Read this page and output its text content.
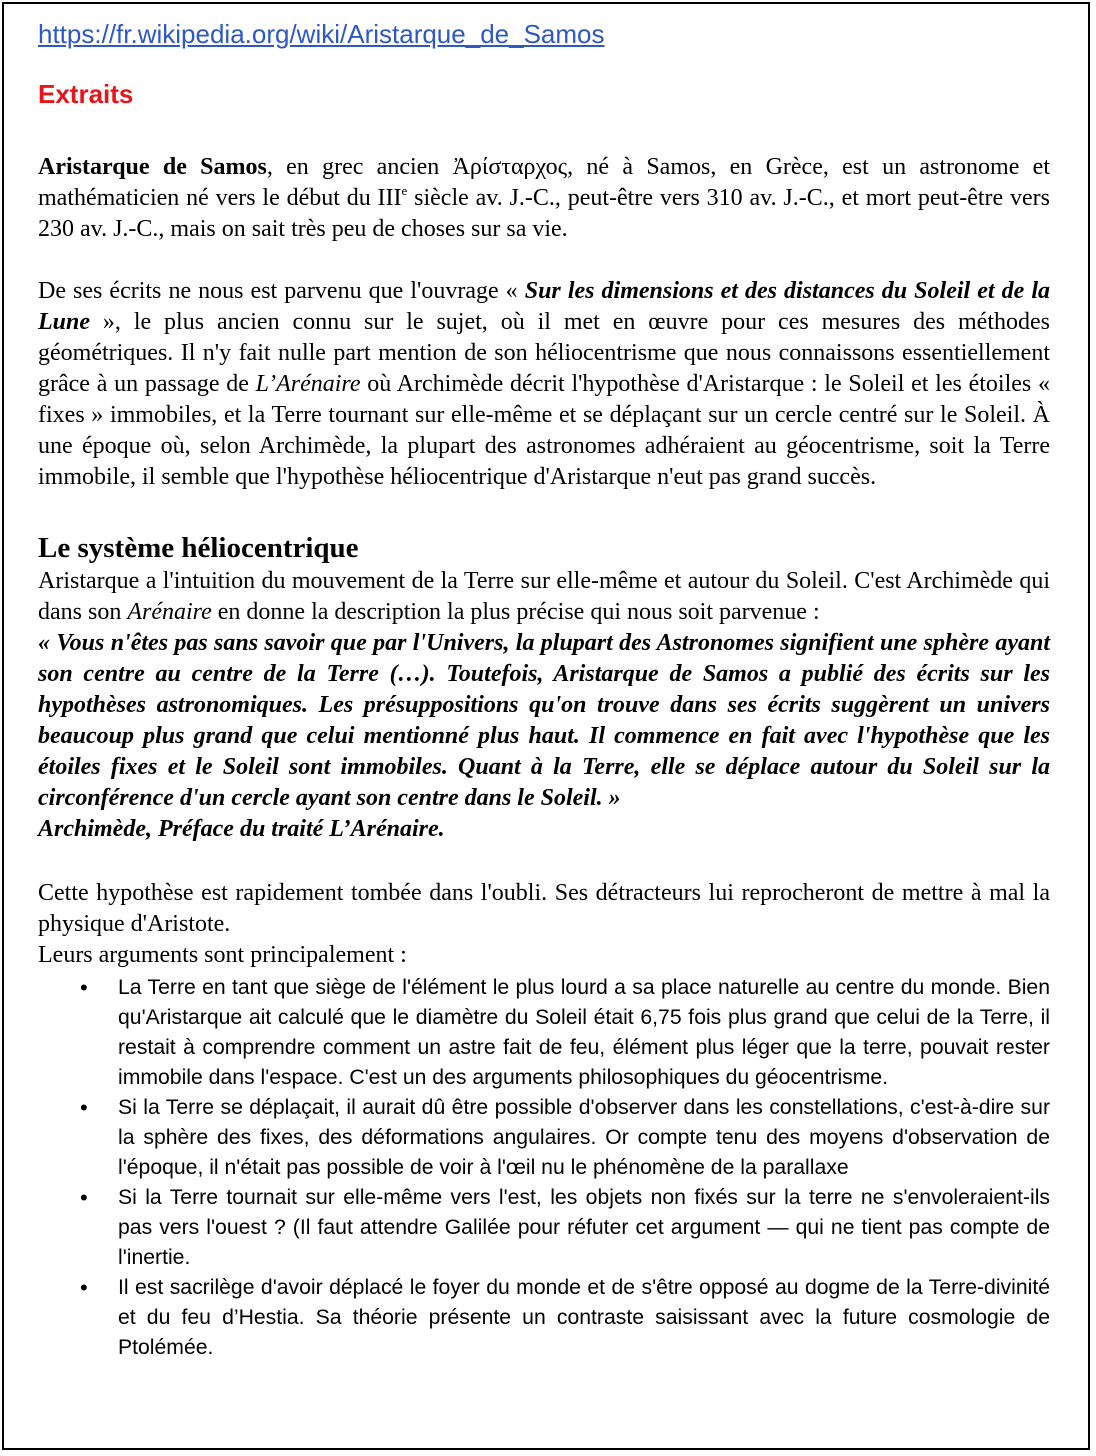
https://fr.wikipedia.org/wiki/Aristarque_de_Samos
Extraits

Aristarque de Samos, en grec ancien Ἀρίσταρχος, né à Samos, en Grèce, est un astronome et mathématicien né vers le début du IIIe siècle av. J.-C., peut-être vers 310 av. J.-C., et mort peut-être vers 230 av. J.-C., mais on sait très peu de choses sur sa vie.

De ses écrits ne nous est parvenu que l'ouvrage « Sur les dimensions et des distances du Soleil et de la Lune », le plus ancien connu sur le sujet, où il met en œuvre pour ces mesures des méthodes géométriques. Il n'y fait nulle part mention de son héliocentrisme que nous connaissons essentiellement grâce à un passage de L’Arénaire où Archimède décrit l'hypothèse d'Aristarque : le Soleil et les étoiles « fixes » immobiles, et la Terre tournant sur elle-même et se déplaçant sur un cercle centré sur le Soleil. À une époque où, selon Archimède, la plupart des astronomes adhéraient au géocentrisme, soit la Terre immobile, il semble que l'hypothèse héliocentrique d'Aristarque n'eut pas grand succès.

Le système héliocentrique

Aristarque a l'intuition du mouvement de la Terre sur elle-même et autour du Soleil. C'est Archimède qui dans son Arénaire en donne la description la plus précise qui nous soit parvenue :

« Vous n'êtes pas sans savoir que par l'Univers, la plupart des Astronomes signifient une sphère ayant son centre au centre de la Terre (…). Toutefois, Aristarque de Samos a publié des écrits sur les hypothèses astronomiques. Les présuppositions qu'on trouve dans ses écrits suggèrent un univers beaucoup plus grand que celui mentionné plus haut. Il commence en fait avec l'hypothèse que les étoiles fixes et le Soleil sont immobiles. Quant à la Terre, elle se déplace autour du Soleil sur la circonférence d'un cercle ayant son centre dans le Soleil. »

Archimède, Préface du traité L’Arénaire.

Cette hypothèse est rapidement tombée dans l'oubli. Ses détracteurs lui reprocheront de mettre à mal la physique d'Aristote.

Leurs arguments sont principalement :

• La Terre en tant que siège de l'élément le plus lourd a sa place naturelle au centre du monde. Bien qu'Aristarque ait calculé que le diamètre du Soleil était 6,75 fois plus grand que celui de la Terre, il restait à comprendre comment un astre fait de feu, élément plus léger que la terre, pouvait rester immobile dans l'espace. C'est un des arguments philosophiques du géocentrisme.
• Si la Terre se déplaçait, il aurait dû être possible d'observer dans les constellations, c'est-à-dire sur la sphère des fixes, des déformations angulaires. Or compte tenu des moyens d'observation de l'époque, il n'était pas possible de voir à l'œil nu le phénomène de la parallaxe
• Si la Terre tournait sur elle-même vers l'est, les objets non fixés sur la terre ne s'envoleraient-ils pas vers l'ouest ? (Il faut attendre Galilée pour réfuter cet argument — qui ne tient pas compte de l'inertie.
• Il est sacrilège d'avoir déplacé le foyer du monde et de s'être opposé au dogme de la Terre-divinité et du feu d’Hestia. Sa théorie présente un contraste saisissant avec la future cosmologie de Ptolémée.
